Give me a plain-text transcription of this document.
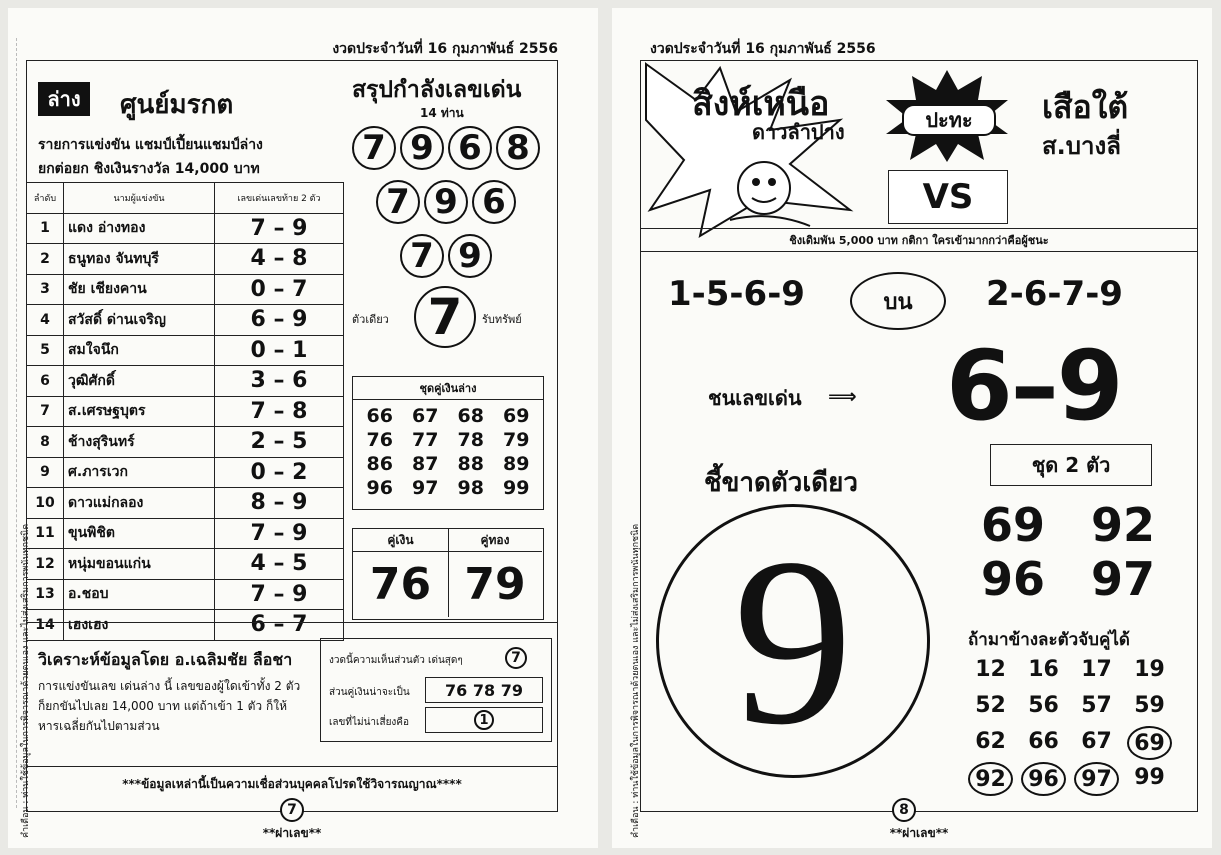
คำเตือน : ท่านใช้ข้อมูลในการพิจารณาด้วยตนเอง และไม่ส่งเสริมการพนันทุกชนิด
งวดประจำวันที่ 16 กุมภาพันธ์ 2556
ล่าง	ศูนย์มรกต
รายการแข่งขัน แชมป์เปี้ยนแชมป์ล่าง
ยกต่อยก ชิงเงินรางวัล 14,000 บาท
ลำดับ	นามผู้แข่งขัน	เลขเด่นเลขท้าย 2 ตัว
1	แดง อ่างทอง	7 – 9
2	ธนูทอง จันทบุรี	4 – 8
3	ชัย เชียงคาน	0 – 7
4	สวัสดิ์ ด่านเจริญ	6 – 9
5	สมใจนึก	0 – 1
6	วุฒิศักดิ์	3 – 6
7	ส.เศรษฐบุตร	7 – 8
8	ช้างสุรินทร์	2 – 5
9	ศ.ภารเวก	0 – 2
10	ดาวแม่กลอง	8 – 9
11	ขุนพิชิต	7 – 9
12	หนุ่มขอนแก่น	4 – 5
13	อ.ชอบ	7 – 9
14	เฮงเฮง	6 – 7
สรุปกำลังเลขเด่น
14 ท่าน
7 9 6 8
7 9 6
7 9
ตัวเดียว 7	รับทรัพย์
ชุดคู่เงินล่าง
66	67	68	69
76	77	78	79
86	87	88	89
96	97	98	99
คู่เงิน	คู่ทอง
76 79
วิเคราะห์ข้อมูลโดย อ.เฉลิมชัย ลือชา
การแข่งขันเลข เด่นล่าง นี้ เลขของผู้ใดเข้าทั้ง 2 ตัว ก็ยกขันไปเลย 14,000 บาท แต่ถ้าเข้า 1 ตัว ก็ให้หารเฉลี่ยกันไปตามส่วน
งวดนี้ความเห็นส่วนตัว เด่นสุดๆ	7
ส่วนคู่เงินน่าจะเป็น	76 78 79
เลขที่ไม่น่าเสี่ยงคือ	1
***ข้อมูลเหล่านี้เป็นความเชื่อส่วนบุคคลโปรดใช้วิจารณญาณ****
7
**ผ่าเลข**	คำเตือน : ท่านใช้ข้อมูลในการพิจารณาด้วยตนเอง และไม่ส่งเสริมการพนันทุกชนิด
งวดประจำวันที่ 16 กุมภาพันธ์ 2556
สิงห์เหนือ
ดาวลำปาง	ปะทะ	เสือใต้
ส.บางลี่
VS
ชิงเดิมพัน 5,000 บาท กติกา ใครเข้ามากกว่าคือผู้ชนะ
1-5-6-9	บน	2-6-7-9
ชนเลขเด่น ⟹ 6–9
ชี้ขาดตัวเดียว
9
ชุด 2 ตัว
69 92
96 97
ถ้ามาข้างละตัวจับคู่ได้
12	16	17	19
52	56	57	59
62	66	67	69
92	96	97	99
8
**ผ่าเลข**
